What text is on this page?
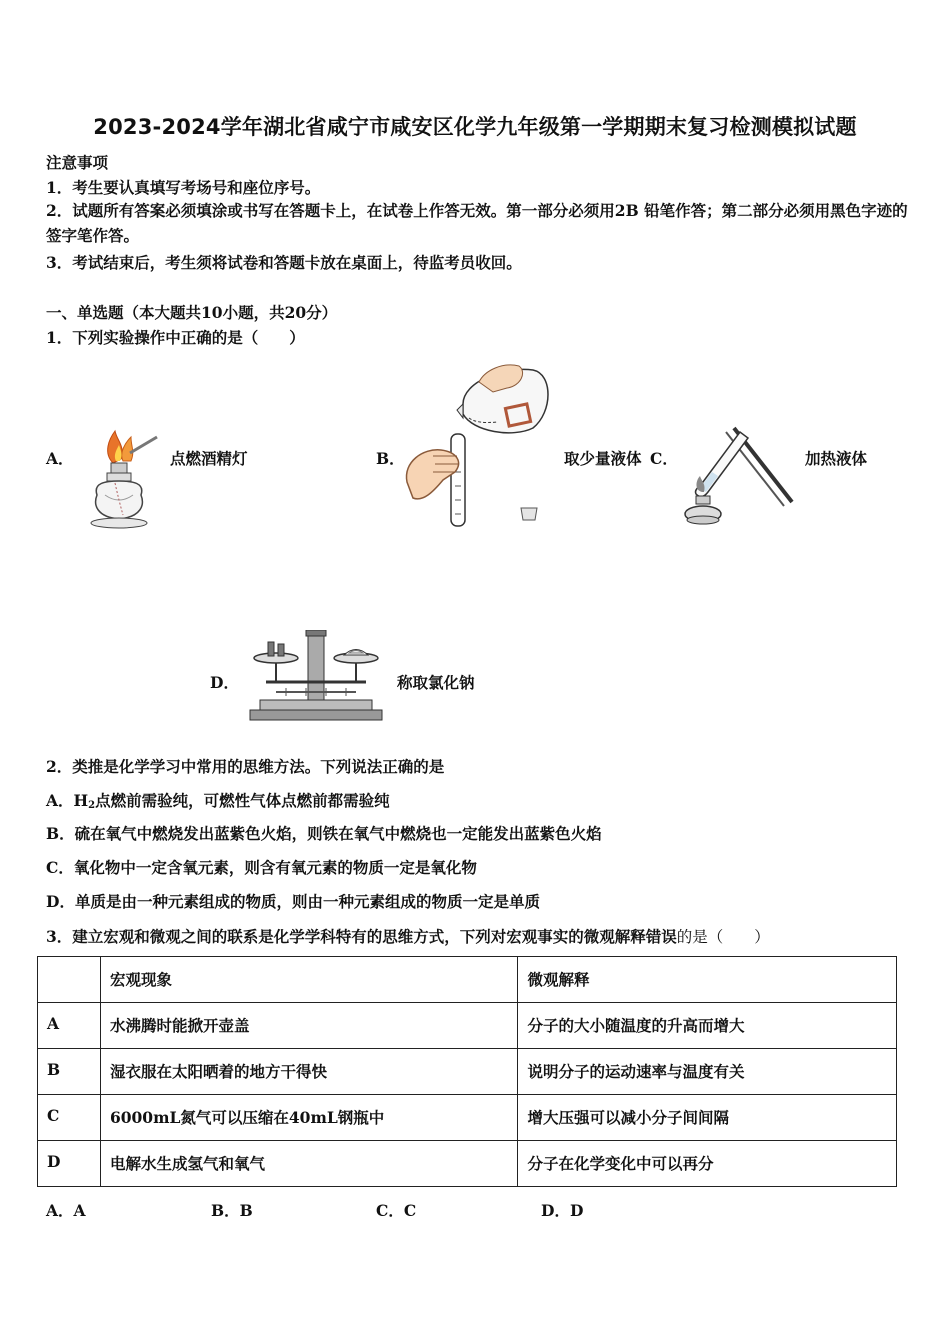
2023-2024学年湖北省咸宁市咸安区化学九年级第一学期期末复习检测模拟试题
注意事项
1．考生要认真填写考场号和座位序号。
2．试题所有答案必须填涂或书写在答题卡上，在试卷上作答无效。第一部分必须用2B 铅笔作答；第二部分必须用黑色字迹的签字笔作答。
3．考试结束后，考生须将试卷和答题卡放在桌面上，待监考员收回。
一、单选题（本大题共10小题，共20分）
1．下列实验操作中正确的是（　　）
A．	点燃酒精灯	B．	取少量液体 C．	加热液体
D．	称取氯化钠
2．类推是化学学习中常用的思维方法。下列说法正确的是
A．$H_2$点燃前需验纯，可燃性气体点燃前都需验纯
B．硫在氧气中燃烧发出蓝紫色火焰，则铁在氧气中燃烧也一定能发出蓝紫色火焰
C．氧化物中一定含氧元素，则含有氧元素的物质一定是氧化物
D．单质是由一种元素组成的物质，则由一种元素组成的物质一定是单质
3．建立宏观和微观之间的联系是化学学科特有的思维方式，下列对宏观事实的微观解释错误的是（　　）
	宏观现象	微观解释
A	水沸腾时能掀开壶盖	分子的大小随温度的升高而增大
B	湿衣服在太阳晒着的地方干得快	说明分子的运动速率与温度有关
C	6000mL氮气可以压缩在40mL钢瓶中	增大压强可以减小分子间间隔
D	电解水生成氢气和氧气	分子在化学变化中可以再分
A．A	B．B	C．C	D．D
